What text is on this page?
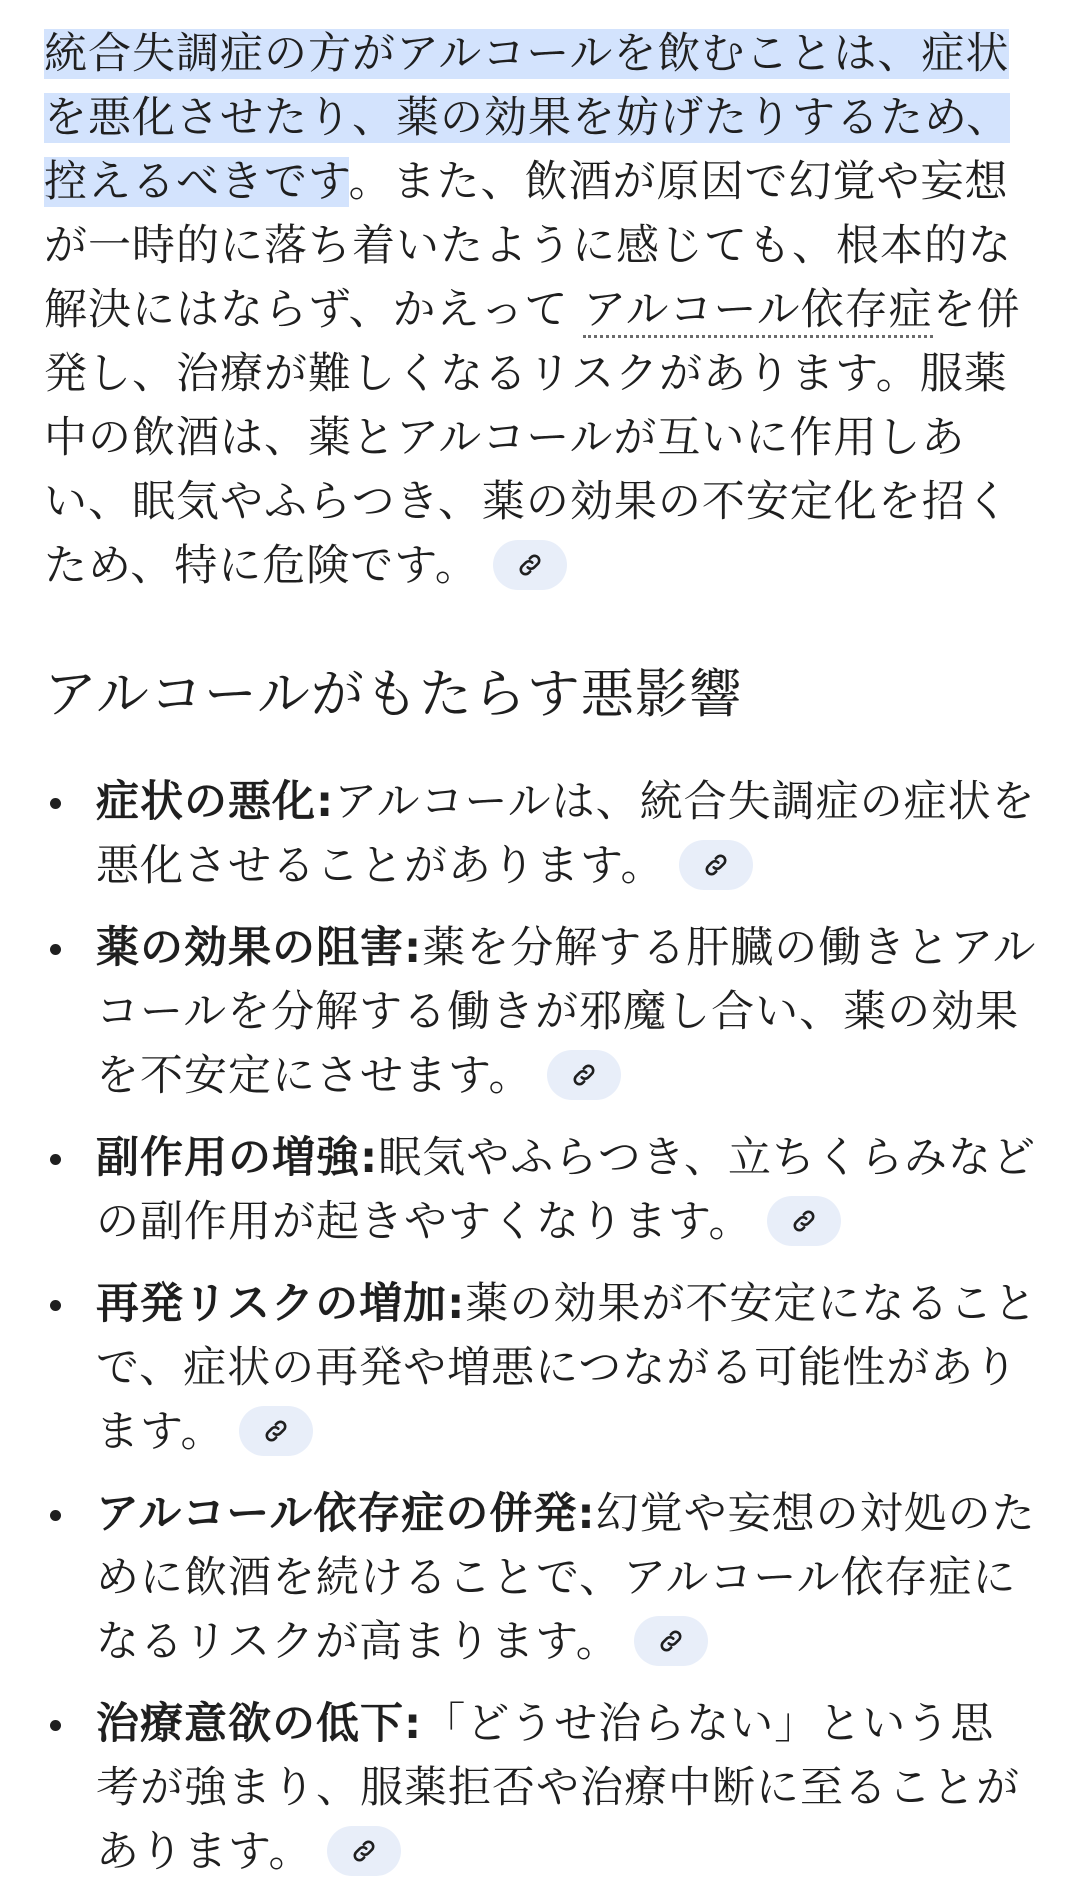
統合失調症の方がアルコールを飲むことは、症状を悪化させたり、薬の効果を妨げたりするため、控えるべきです。また、飲酒が原因で幻覚や妄想が一時的に落ち着いたように感じても、根本的な解決にはならず、かえって アルコール依存症を併発し、治療が難しくなるリスクがあります。服薬中の飲酒は、薬とアルコールが互いに作用しあい、眠気やふらつき、薬の効果の不安定化を招くため、特に危険です。

アルコールがもたらす悪影響
症状の悪化:アルコールは、統合失調症の症状を悪化させることがあります。
薬の効果の阻害:薬を分解する肝臓の働きとアルコールを分解する働きが邪魔し合い、薬の効果を不安定にさせます。
副作用の増強:眠気やふらつき、立ちくらみなどの副作用が起きやすくなります。
再発リスクの増加:薬の効果が不安定になることで、症状の再発や増悪につながる可能性があります。
アルコール依存症の併発:幻覚や妄想の対処のために飲酒を続けることで、アルコール依存症になるリスクが高まります。
治療意欲の低下:「どうせ治らない」という思考が強まり、服薬拒否や治療中断に至ることがあります。
